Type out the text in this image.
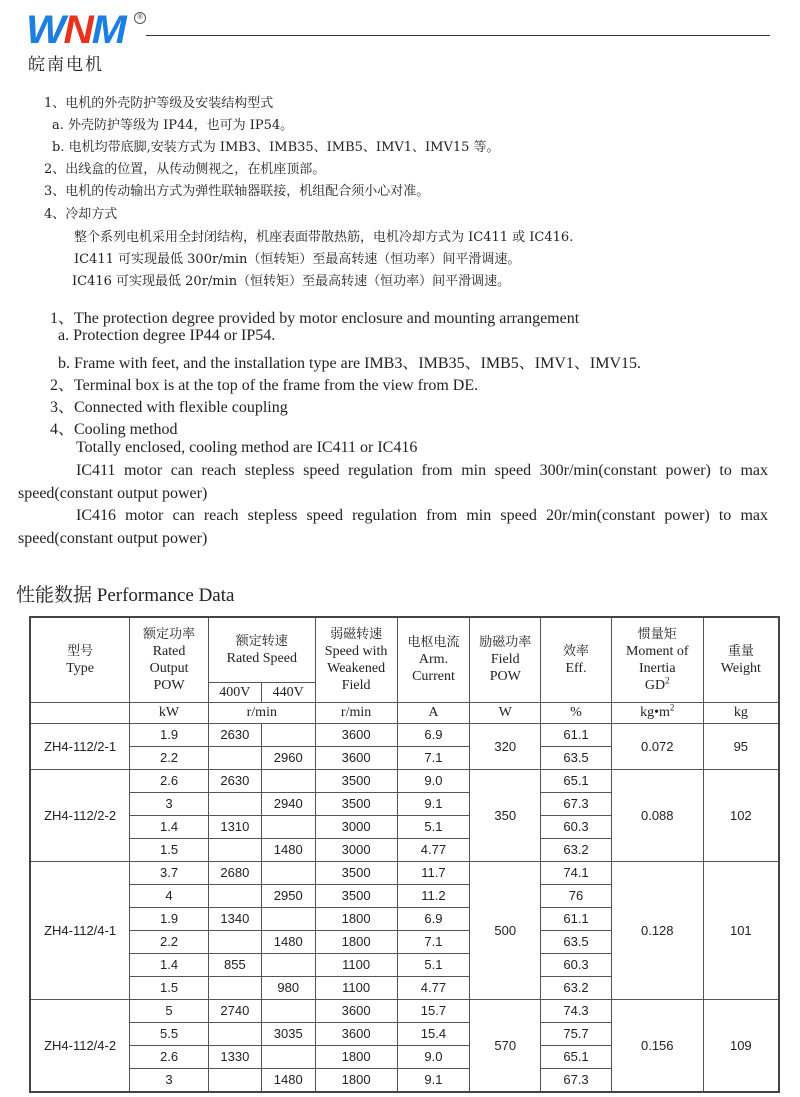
WNM	®
皖南电机
1、电机的外壳防护等级及安装结构型式
a. 外壳防护等级为 IP44，也可为 IP54。
b. 电机均带底脚,安装方式为 IMB3、IMB35、IMB5、IMV1、IMV15 等。
2、出线盒的位置，从传动侧视之，在机座顶部。
3、电机的传动输出方式为弹性联轴器联接，机组配合须小心对准。
4、冷却方式
整个系列电机采用全封闭结构，机座表面带散热筋，电机冷却方式为 IC411 或 IC416.
IC411 可实现最低 300r/min（恒转矩）至最高转速（恒功率）间平滑调速。
IC416 可实现最低 20r/min（恒转矩）至最高转速（恒功率）间平滑调速。
1、The protection degree provided by motor enclosure and mounting arrangement
a. Protection degree IP44 or IP54.
b. Frame with feet, and the installation type are IMB3、IMB35、IMB5、IMV1、IMV15.
2、Terminal box is at the top of the frame from the view from DE.
3、Connected with flexible coupling
4、Cooling method
Totally enclosed, cooling method are IC411 or IC416
IC411 motor can reach stepless speed regulation from min speed 300r/min(constant power) to max speed(constant output power)
IC416 motor can reach stepless speed regulation from min speed 20r/min(constant power) to max speed(constant output power)
性能数据 Performance Data
型号
Type	额定功率
Rated
Output
POW	额定转速
Rated Speed		弱磁转速
Speed with
Weakened
Field	电枢电流
Arm.
Current	励磁功率
Field
POW	效率
Eff.	惯量矩
Moment of
Inertia
$GD^2$	重量
Weight
		400V	440V						
	kW	r/min		r/min	A	W	%	$kg•m^2$	kg
ZH4-112/2-1	1.9	2630		3600	6.9	320	61.1	0.072	95
	2.2		2960	3600	7.1		63.5		
ZH4-112/2-2	2.6	2630		3500	9.0	350	65.1	0.088	102
	3		2940	3500	9.1		67.3		
	1.4	1310		3000	5.1		60.3		
	1.5		1480	3000	4.77		63.2		
ZH4-112/4-1	3.7	2680		3500	11.7	500	74.1	0.128	101
	4		2950	3500	11.2		76		
	1.9	1340		1800	6.9		61.1		
	2.2		1480	1800	7.1		63.5		
	1.4	855		1100	5.1		60.3		
	1.5		980	1100	4.77		63.2		
ZH4-112/4-2	5	2740		3600	15.7	570	74.3	0.156	109
	5.5		3035	3600	15.4		75.7		
	2.6	1330		1800	9.0		65.1		
	3		1480	1800	9.1		67.3		
